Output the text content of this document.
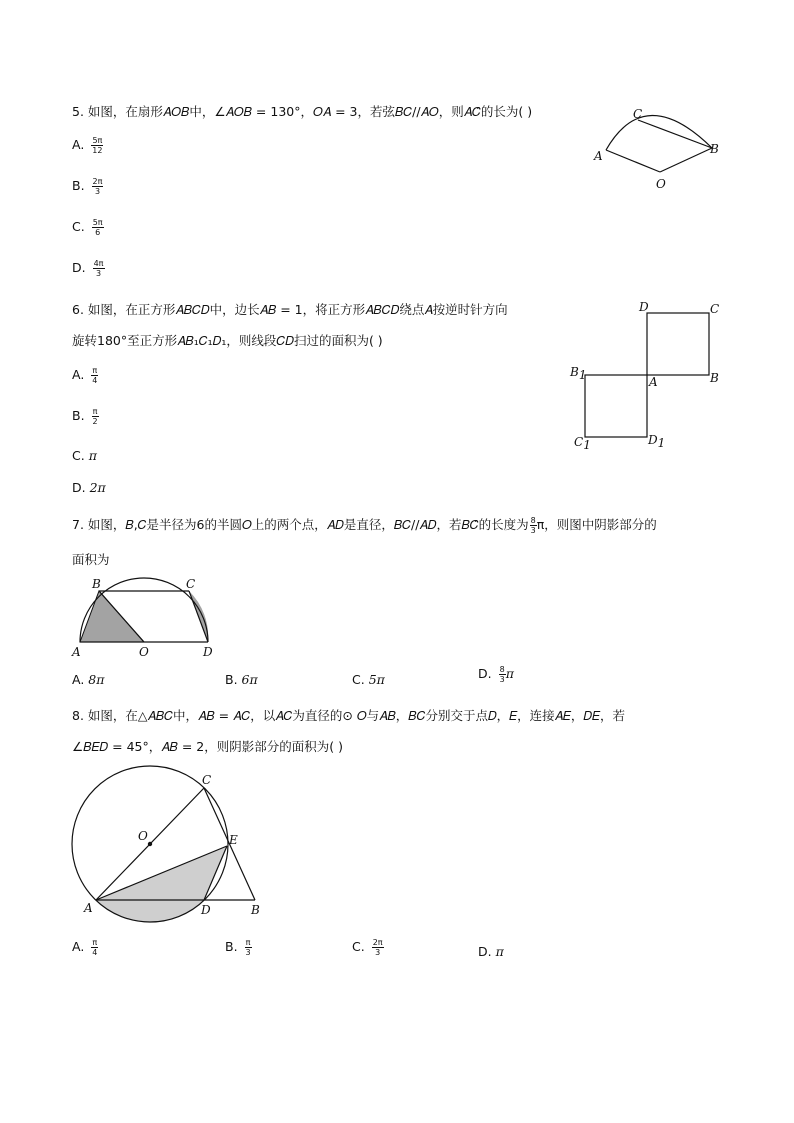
5. 如图，在扇形𝐴𝑂𝐵中，∠𝐴𝑂𝐵 = 130°，𝑂𝐴 = 3，若弦𝐵𝐶//𝐴𝑂，则𝐴𝐶̂的长为( )
A. $\frac{5\pi}{12}$
B. $\frac{2\pi}{3}$
C. $\frac{5\pi}{6}$
D. $\frac{4\pi}{3}$
C
A	B
O
6. 如图，在正方形𝐴𝐵𝐶𝐷中，边长𝐴𝐵 = 1，将正方形𝐴𝐵𝐶𝐷绕点𝐴按逆时针方向
旋转180°至正方形𝐴𝐵₁𝐶₁𝐷₁，则线段𝐶𝐷扫过的面积为( )
A. $\frac{\pi}{4}$
B. $\frac{\pi}{2}$
C. π
D. 2π
D	C
A	B
B1
C1	D1
7. 如图，𝐵,𝐶是半径为6的半圆𝑂上的两个点，𝐴𝐷是直径，𝐵𝐶//𝐴𝐷，若𝐵𝐶̂的长度为 $\frac{8}{3}$ π，则图中阴影部分的
面积为
B	C
A	O	D
A. 8π	B. 6π	C. 5π	D. $\frac{8}{3}$ π
8. 如图，在△𝐴𝐵𝐶中，𝐴𝐵 = 𝐴𝐶，以𝐴𝐶为直径的⊙ 𝑂与𝐴𝐵，𝐵𝐶分别交于点𝐷，𝐸，连接𝐴𝐸，𝐷𝐸，若
∠𝐵𝐸𝐷 = 45°，𝐴𝐵 = 2，则阴影部分的面积为( )
C
O	E
A	D	B
A. $\frac{\pi}{4}$	B. $\frac{\pi}{3}$	C. $\frac{2\pi}{3}$	D. π
